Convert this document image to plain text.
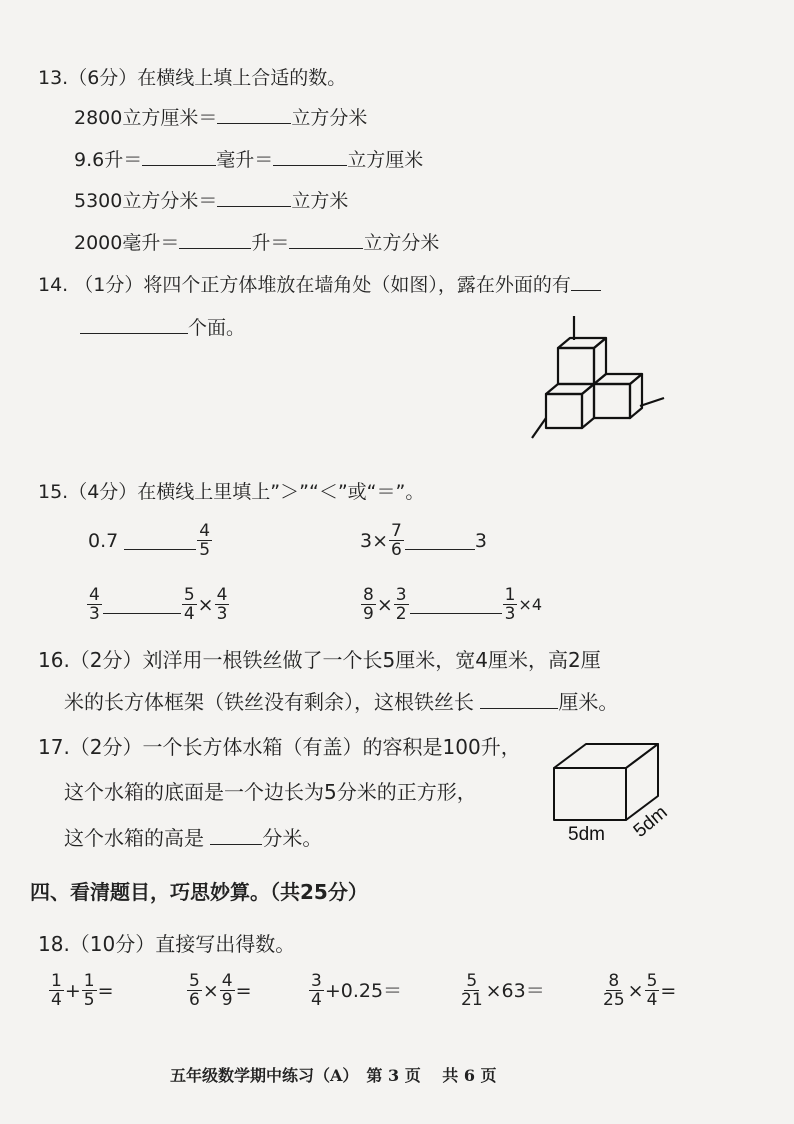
13.（6分）在横线上填上合适的数。
2800立方厘米＝	立方分米
9.6升＝	毫升＝	立方厘米
5300立方分米＝	立方米
2000毫升＝	升＝	立方分米
14. （1分）将四个正方体堆放在墙角处（如图），露在外面的有
个面。
15.（4分）在横线上里填上”＞”“＜”或“＝”。
0.7	$\frac{4}{5}$	$3\times \frac{7}{6}$	3
$\frac{4}{3}$	$\frac{5}{4} \times \frac{4}{3}$	$\frac{8}{9} \times \frac{3}{2}$	$\frac{1}{3} \times 4$
16.（2分）刘洋用一根铁丝做了一个长5厘米，宽4厘米，高2厘
米的长方体框架（铁丝没有剩余），这根铁丝长	厘米。
17.（2分）一个长方体水箱（有盖）的容积是100升，
这个水箱的底面是一个边长为5分米的正方形，
这个水箱的高是	分米。	5dm 5dm
四、看清题目，巧思妙算。（共25分）
18.（10分）直接写出得数。
$\frac{1}{4} + \frac{1}{5}$ =	$\frac{5}{6} \times \frac{4}{9}$ =	$\frac{3}{4} +0.25=$	$\frac{5}{21} \times 63=$	$\frac{8}{25} \times \frac{5}{4}$ =
五年级数学期中练习（A）　第 3 页　 共 6 页
